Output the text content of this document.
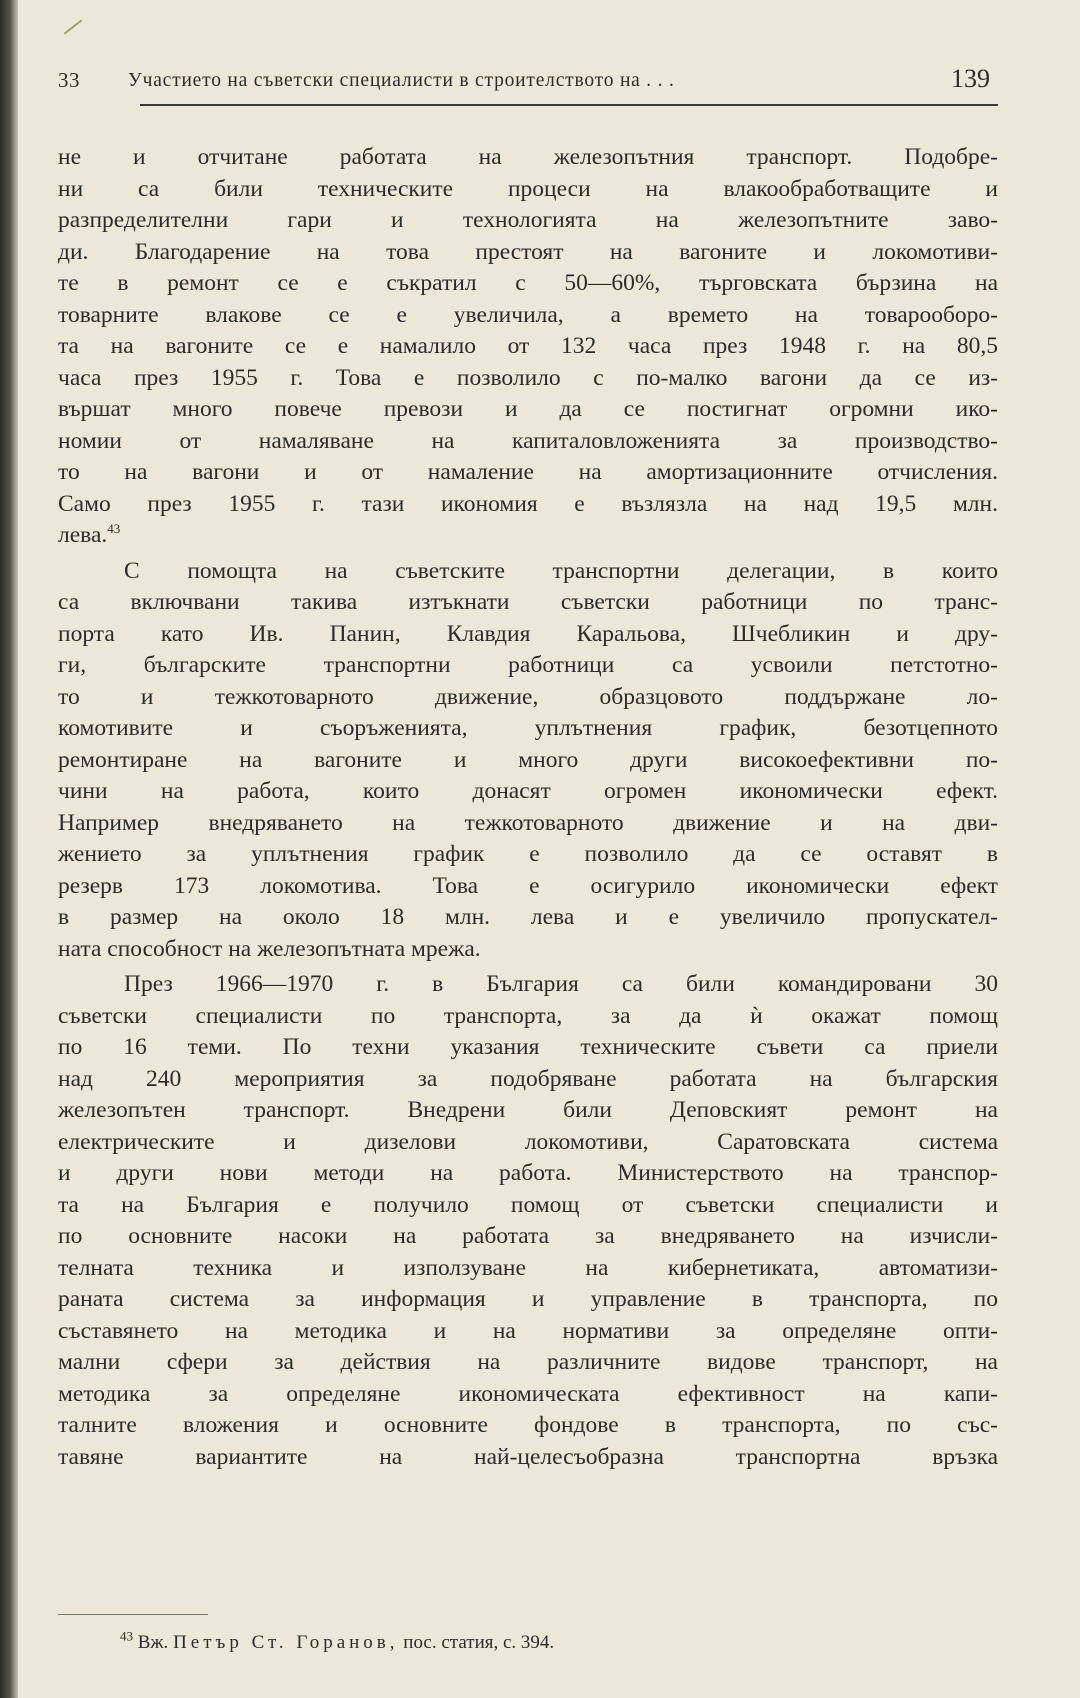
33 Участието на съветски специалисти в строителството на . . .	139
не и отчитане работата на железопътния транспорт. Подобре-
ни са били техническите процеси на влакообработващите и
разпределителни гари и технологията на железопътните заво-
ди. Благодарение на това престоят на вагоните и локомотиви-
те в ремонт се е съкратил с 50—60%, търговската бързина на
товарните влакове се е увеличила, а времето на товарооборо-
та на вагоните се е намалило от 132 часа през 1948 г. на 80,5
часа през 1955 г. Това е позволило с по-малко вагони да се из-
вършат много повече превози и да се постигнат огромни ико-
номии от намаляване на капиталовложенията за производство-
то на вагони и от намаление на амортизационните отчисления.
Само през 1955 г. тази икономия е възлязла на над 19,5 млн.
лева.$^{43}$
С помощта на съветските транспортни делегации, в които
са включвани такива изтъкнати съветски работници по транс-
порта като Ив. Панин, Клавдия Каральова, Шчебликин и дру-
ги, българските транспортни работници са усвоили петстотно-
то и тежкотоварното движение, образцовото поддържане ло-
комотивите и съоръженията, уплътнения график, безотцепното
ремонтиране на вагоните и много други високоефективни по-
чини на работа, които донасят огромен икономически ефект.
Например внедряването на тежкотоварното движение и на дви-
жението за уплътнения график е позволило да се оставят в
резерв 173 локомотива. Това е осигурило икономически ефект
в размер на около 18 млн. лева и е увеличило пропускател-
ната способност на железопътната мрежа.
През 1966—1970 г. в България са били командировани 30
съветски специалисти по транспорта, за да ѝ окажат помощ
по 16 теми. По техни указания техническите съвети са приели
над 240 мероприятия за подобряване работата на българския
железопътен транспорт. Внедрени били Деповският ремонт на
електрическите и дизелови локомотиви, Саратовската система
и други нови методи на работа. Министерството на транспор-
та на България е получило помощ от съветски специалисти и
по основните насоки на работата за внедряването на изчисли-
телната техника и използуване на кибернетиката, автоматизи-
раната система за информация и управление в транспорта, по
съставянето на методика и на нормативи за определяне опти-
мални сфери за действия на различните видове транспорт, на
методика за определяне икономическата ефективност на капи-
талните вложения и основните фондове в транспорта, по със-
тавяне вариантите на най-целесъобразна транспортна връзка
$^{43}$ Вж. Петър Ст. Горанов, пос. статия, с. 394.
